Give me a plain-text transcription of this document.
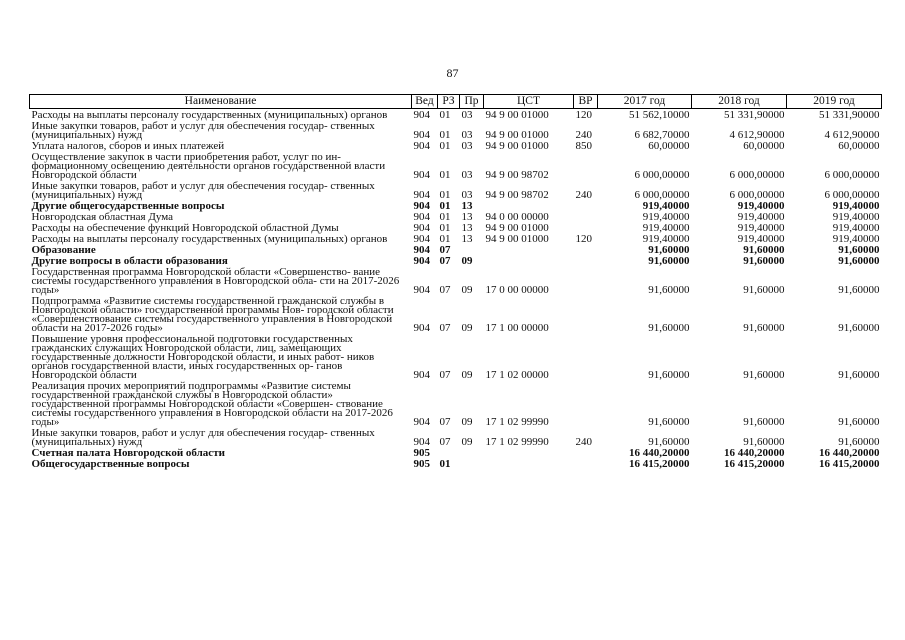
87
Наименование	Вед	РЗ	Пр	ЦСТ	ВР	2017 год	2018 год	2019 год
Расходы на выплаты персоналу государственных (муниципальных) органов	904	01	03	94 9 00 01000	120	51 562,10000	51 331,90000	51 331,90000
Иные закупки товаров, работ и услуг для обеспечения государ- ственных (муниципальных) нужд	904	01	03	94 9 00 01000	240	6 682,70000	4 612,90000	4 612,90000
Уплата налогов, сборов и иных платежей	904	01	03	94 9 00 01000	850	60,00000	60,00000	60,00000
Осуществление закупок в части приобретения работ, услуг по ин- формационному освещению деятельности органов государственной власти Новгородской области	904	01	03	94 9 00 98702		6 000,00000	6 000,00000	6 000,00000
Иные закупки товаров, работ и услуг для обеспечения государ- ственных (муниципальных) нужд	904	01	03	94 9 00 98702	240	6 000,00000	6 000,00000	6 000,00000
Другие общегосударственные вопросы	904	01	13			919,40000	919,40000	919,40000
Новгородская областная Дума	904	01	13	94 0 00 00000		919,40000	919,40000	919,40000
Расходы на обеспечение функций Новгородской областной Думы	904	01	13	94 9 00 01000		919,40000	919,40000	919,40000
Расходы на выплаты персоналу государственных (муниципальных) органов	904	01	13	94 9 00 01000	120	919,40000	919,40000	919,40000
Образование	904	07				91,60000	91,60000	91,60000
Другие вопросы в области образования	904	07	09			91,60000	91,60000	91,60000
Государственная программа Новгородской области «Совершенство- вание системы государственного управления в Новгородской обла- сти на 2017-2026 годы»	904	07	09	17 0 00 00000		91,60000	91,60000	91,60000
Подпрограмма «Развитие системы государственной гражданской службы в Новгородской области» государственной программы Нов- городской области «Совершенствование системы государственного управления в Новгородской области на 2017-2026 годы»	904	07	09	17 1 00 00000		91,60000	91,60000	91,60000
Повышение уровня профессиональной подготовки государственных гражданских служащих Новгородской области, лиц, замещающих государственные должности Новгородской области, и иных работ- ников органов государственной власти, иных государственных ор- ганов Новгородской области	904	07	09	17 1 02 00000		91,60000	91,60000	91,60000
Реализация прочих мероприятий подпрограммы «Развитие системы государственной гражданской службы в Новгородской области» государственной программы Новгородской области «Совершен- ствование системы государственного управления в Новгородской области на 2017-2026 годы»	904	07	09	17 1 02 99990		91,60000	91,60000	91,60000
Иные закупки товаров, работ и услуг для обеспечения государ- ственных (муниципальных) нужд	904	07	09	17 1 02 99990	240	91,60000	91,60000	91,60000
Счетная палата Новгородской области	905					16 440,20000	16 440,20000	16 440,20000
Общегосударственные вопросы	905	01				16 415,20000	16 415,20000	16 415,20000
